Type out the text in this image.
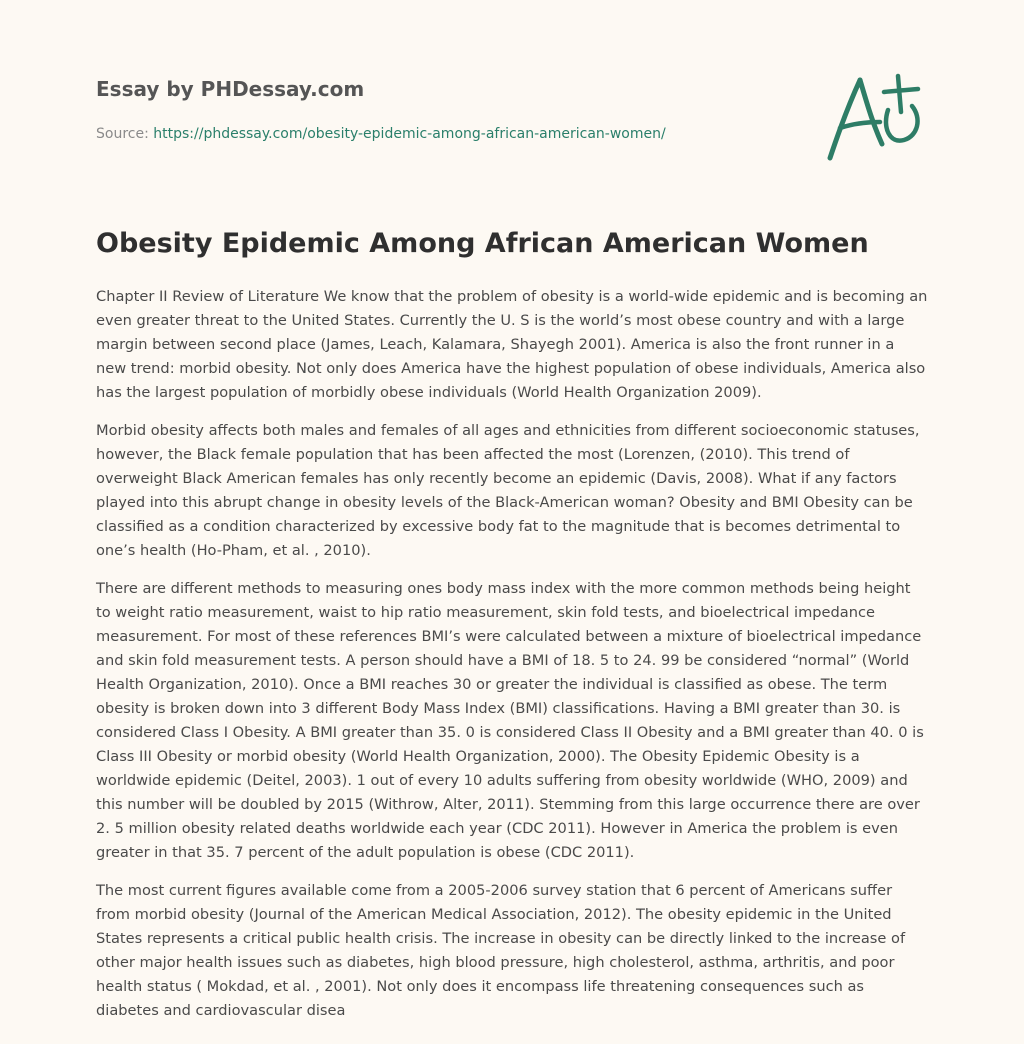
Essay by PHDessay.com
Source: https://phdessay.com/obesity-epidemic-among-african-american-women/
Obesity Epidemic Among African American Women

Chapter II Review of Literature We know that the problem of obesity is a world-wide epidemic and is becoming an even greater threat to the United States. Currently the U. S is the world’s most obese country and with a large margin between second place (James, Leach, Kalamara, Shayegh 2001). America is also the front runner in a new trend: morbid obesity. Not only does America have the highest population of obese individuals, America also has the largest population of morbidly obese individuals (World Health Organization 2009).

Morbid obesity affects both males and females of all ages and ethnicities from different socioeconomic statuses, however, the Black female population that has been affected the most (Lorenzen, (2010). This trend of overweight Black American females has only recently become an epidemic (Davis, 2008). What if any factors played into this abrupt change in obesity levels of the Black-American woman? Obesity and BMI Obesity can be classified as a condition characterized by excessive body fat to the magnitude that is becomes detrimental to one’s health (Ho-Pham, et al. , 2010).

There are different methods to measuring ones body mass index with the more common methods being height to weight ratio measurement, waist to hip ratio measurement, skin fold tests, and bioelectrical impedance measurement. For most of these references BMI’s were calculated between a mixture of bioelectrical impedance and skin fold measurement tests. A person should have a BMI of 18. 5 to 24. 99 be considered “normal” (World Health Organization, 2010). Once a BMI reaches 30 or greater the individual is classified as obese. The term obesity is broken down into 3 different Body Mass Index (BMI) classifications. Having a BMI greater than 30. is considered Class I Obesity. A BMI greater than 35. 0 is considered Class II Obesity and a BMI greater than 40. 0 is Class III Obesity or morbid obesity (World Health Organization, 2000). The Obesity Epidemic Obesity is a worldwide epidemic (Deitel, 2003). 1 out of every 10 adults suffering from obesity worldwide (WHO, 2009) and this number will be doubled by 2015 (Withrow, Alter, 2011). Stemming from this large occurrence there are over 2. 5 million obesity related deaths worldwide each year (CDC 2011). However in America the problem is even greater in that 35. 7 percent of the adult population is obese (CDC 2011).

The most current figures available come from a 2005-2006 survey station that 6 percent of Americans suffer from morbid obesity (Journal of the American Medical Association, 2012). The obesity epidemic in the United States represents a critical public health crisis. The increase in obesity can be directly linked to the increase of other major health issues such as diabetes, high blood pressure, high cholesterol, asthma, arthritis, and poor health status ( Mokdad, et al. , 2001). Not only does it encompass life threatening consequences such as diabetes and cardiovascular disea
